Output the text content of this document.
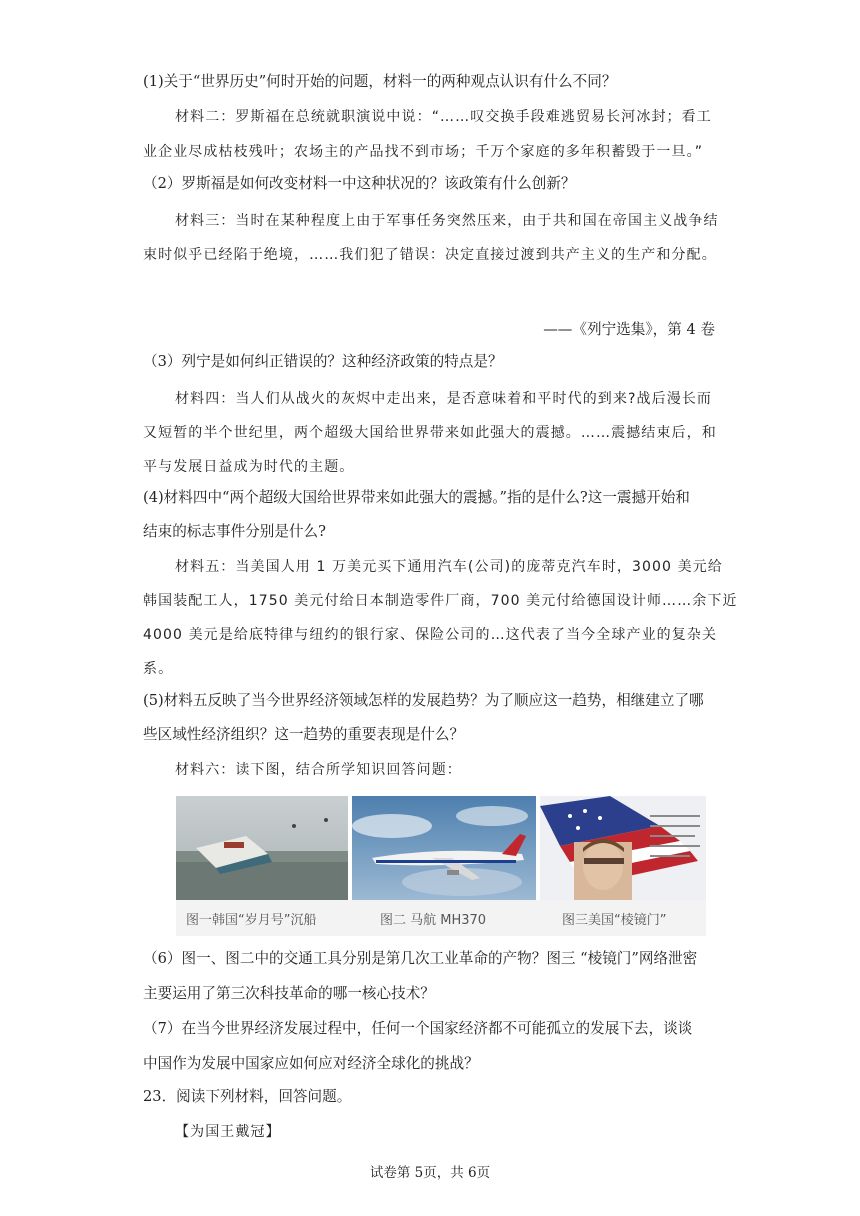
(1)关于“世界历史”何时开始的问题，材料一的两种观点认识有什么不同？
材料二：罗斯福在总统就职演说中说：“……叹交换手段难逃贸易长河冰封；看工
业企业尽成枯枝残叶；农场主的产品找不到市场；千万个家庭的多年积蓄毁于一旦。”
（2）罗斯福是如何改变材料一中这种状况的？该政策有什么创新？
材料三：当时在某种程度上由于军事任务突然压来，由于共和国在帝国主义战争结
束时似乎已经陷于绝境，……我们犯了错误：决定直接过渡到共产主义的生产和分配。
——《列宁选集》，第 4 卷
（3）列宁是如何纠正错误的？这种经济政策的特点是？
材料四：当人们从战火的灰烬中走出来，是否意味着和平时代的到来?战后漫长而
又短暂的半个世纪里，两个超级大国给世界带来如此强大的震撼。……震撼结束后，和
平与发展日益成为时代的主题。
(4)材料四中“两个超级大国给世界带来如此强大的震撼。”指的是什么?这一震撼开始和
结束的标志事件分别是什么?
材料五：当美国人用 1 万美元买下通用汽车(公司)的庞蒂克汽车时，3000 美元给
韩国装配工人，1750 美元付给日本制造零件厂商，700 美元付给德国设计师……余下近
4000 美元是给底特律与纽约的银行家、保险公司的…这代表了当今全球产业的复杂关
系。
(5)材料五反映了当今世界经济领域怎样的发展趋势？为了顺应这一趋势，相继建立了哪
些区域性经济组织？这一趋势的重要表现是什么？
材料六：读下图，结合所学知识回答问题：
图一韩国“岁月号”沉船	图二 马航 MH370	图三美国“棱镜门”
（6）图一、图二中的交通工具分别是第几次工业革命的产物？图三 “棱镜门”网络泄密
主要运用了第三次科技革命的哪一核心技术？
（7）在当今世界经济发展过程中，任何一个国家经济都不可能孤立的发展下去，谈谈
中国作为发展中国家应如何应对经济全球化的挑战？
23．阅读下列材料，回答问题。
【为国王戴冠】
试卷第 5页，共 6页
